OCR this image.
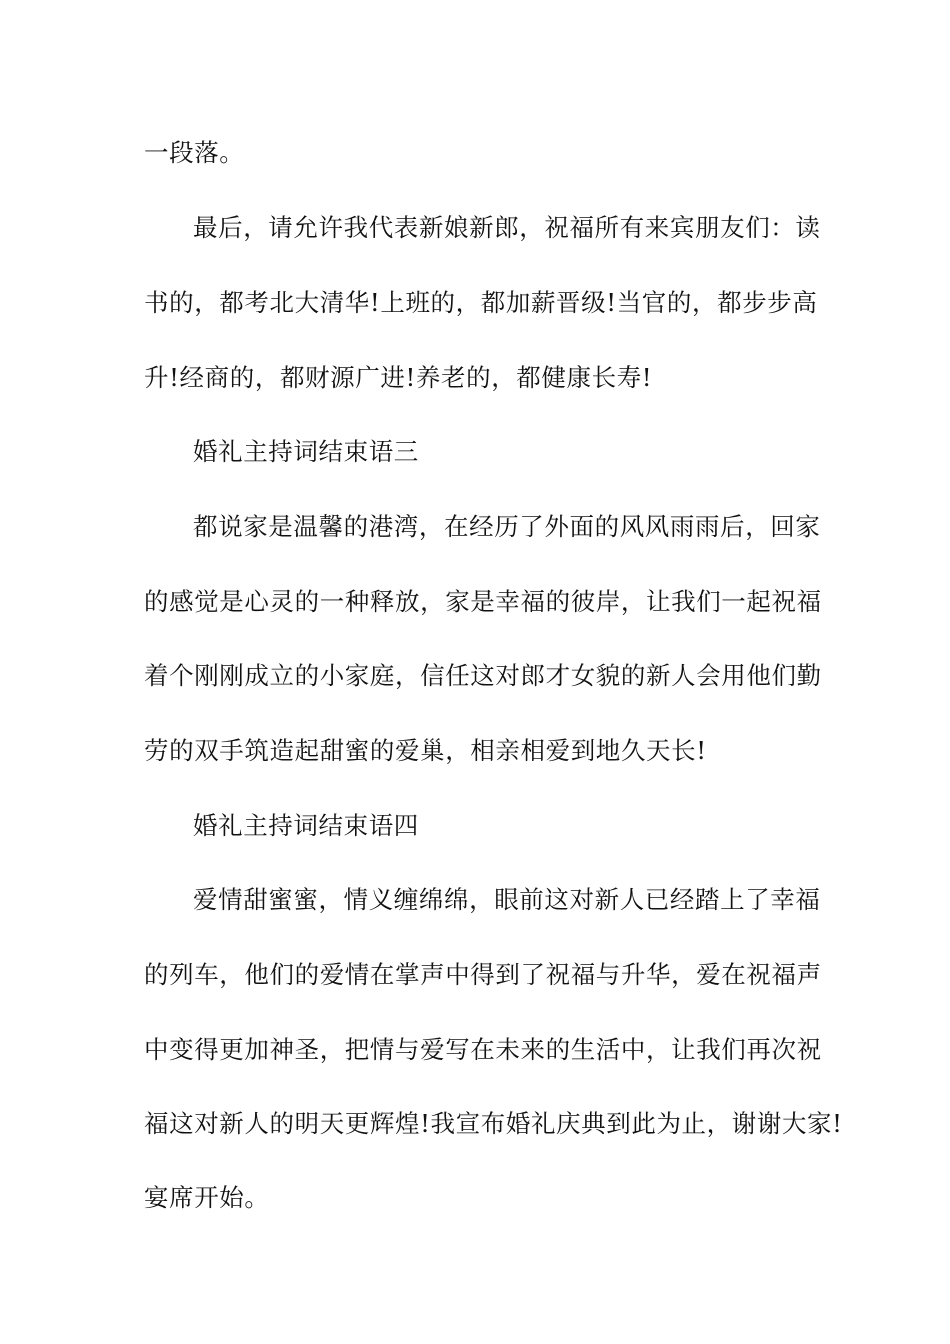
一段落。

最后，请允许我代表新娘新郎，祝福所有来宾朋友们：读

书的，都考北大清华!上班的，都加薪晋级!当官的，都步步高

升!经商的，都财源广进!养老的，都健康长寿!

婚礼主持词结束语三

都说家是温馨的港湾，在经历了外面的风风雨雨后，回家

的感觉是心灵的一种释放，家是幸福的彼岸，让我们一起祝福

着个刚刚成立的小家庭，信任这对郎才女貌的新人会用他们勤

劳的双手筑造起甜蜜的爱巢，相亲相爱到地久天长!

婚礼主持词结束语四

爱情甜蜜蜜，情义缠绵绵，眼前这对新人已经踏上了幸福

的列车，他们的爱情在掌声中得到了祝福与升华，爱在祝福声

中变得更加神圣，把情与爱写在未来的生活中，让我们再次祝

福这对新人的明天更辉煌!我宣布婚礼庆典到此为止，谢谢大家!

宴席开始。
